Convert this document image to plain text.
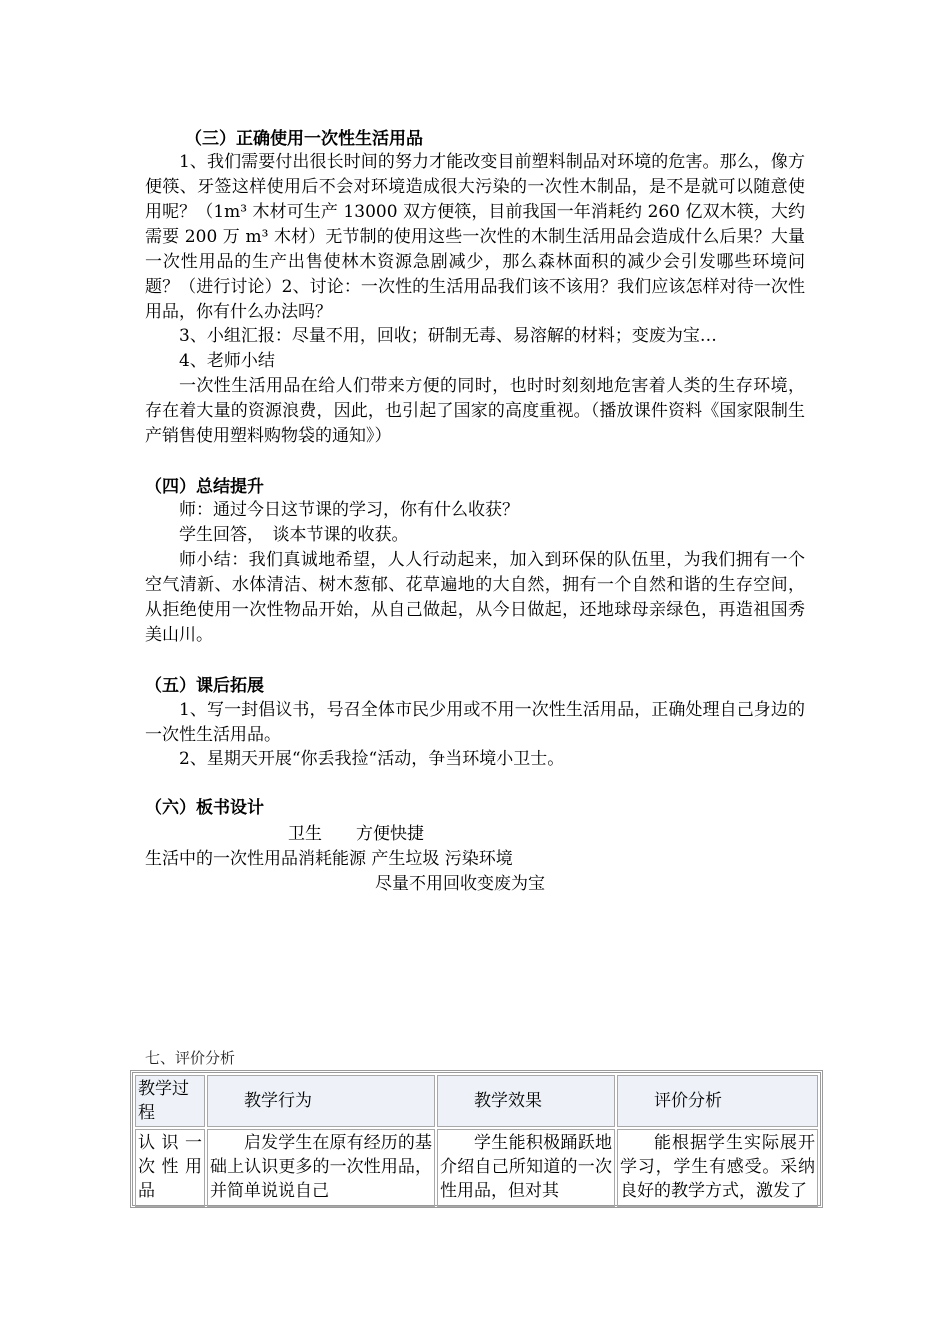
（三）正确使用一次性生活用品
1、我们需要付出很长时间的努力才能改变目前塑料制品对环境的危害。那么，像方便筷、牙签这样使用后不会对环境造成很大污染的一次性木制品，是不是就可以随意使用呢？（1m³ 木材可生产 13000 双方便筷，目前我国一年消耗约 260 亿双木筷，大约需要 200 万 m³ 木材）无节制的使用这些一次性的木制生活用品会造成什么后果？大量一次性用品的生产出售使林木资源急剧减少，那么森林面积的减少会引发哪些环境问题？（进行讨论）2、讨论：一次性的生活用品我们该不该用？我们应该怎样对待一次性用品，你有什么办法吗？
3、小组汇报：尽量不用，回收；研制无毒、易溶解的材料；变废为宝…
4、老师小结
一次性生活用品在给人们带来方便的同时，也时时刻刻地危害着人类的生存环境，存在着大量的资源浪费，因此，也引起了国家的高度重视。（播放课件资料《国家限制生产销售使用塑料购物袋的通知》）
（四）总结提升
师：通过今日这节课的学习，你有什么收获？
学生回答，　谈本节课的收获。
师小结：我们真诚地希望，人人行动起来，加入到环保的队伍里，为我们拥有一个空气清新、水体清洁、树木葱郁、花草遍地的大自然，拥有一个自然和谐的生存空间，从拒绝使用一次性物品开始，从自己做起，从今日做起，还地球母亲绿色，再造祖国秀美山川。
（五）课后拓展
1、写一封倡议书，号召全体市民少用或不用一次性生活用品，正确处理自己身边的一次性生活用品。
2、星期天开展“你丢我捡“活动，争当环境小卫士。
（六）板书设计
卫生　　方便快捷
生活中的一次性用品消耗能源 产生垃圾 污染环境
尽量不用回收变废为宝
七、评价分析
教学过程	教学行为	教学效果	评价分析

认 识 一 次 性 用品	启发学生在原有经历的基础上认识更多的一次性用品，并简单说说自己	学生能积极踊跃地介绍自己所知道的一次性用品，但对其	能根据学生实际展开学习，学生有感受。采纳良好的教学方式，激发了
